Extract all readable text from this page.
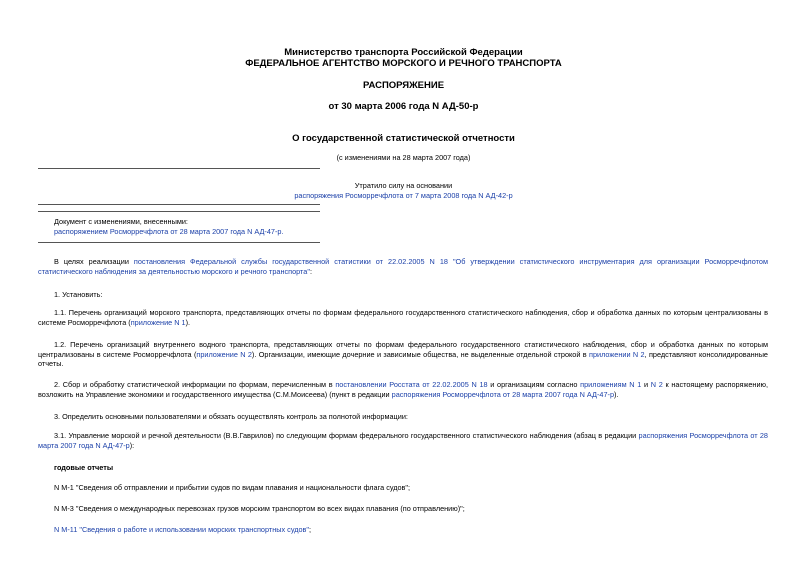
Министерство транспорта Российской Федерации
ФЕДЕРАЛЬНОЕ АГЕНТСТВО МОРСКОГО И РЕЧНОГО ТРАНСПОРТА
РАСПОРЯЖЕНИЕ
от 30 марта 2006 года N АД-50-р
О государственной статистической отчетности
(с изменениями на 28 марта 2007 года)
Утратило силу на основании
распоряжения Росморречфлота от 7 марта 2008 года N АД-42-р
Документ с изменениями, внесенными:
распоряжением Росморречфлота от 28 марта 2007 года N АД-47-р.
В целях реализации постановления Федеральной службы государственной статистики от 22.02.2005 N 18 "Об утверждении статистического инструментария для организации Росморречфлотом статистического наблюдения за деятельностью морского и речного транспорта":
1. Установить:
1.1. Перечень организаций морского транспорта, представляющих отчеты по формам федерального государственного статистического наблюдения, сбор и обработка данных по которым централизованы в системе Росморречфлота (приложение N 1).
1.2. Перечень организаций внутреннего водного транспорта, представляющих отчеты по формам федерального государственного статистического наблюдения, сбор и обработка данных по которым централизованы в системе Росморречфлота (приложение N 2). Организации, имеющие дочерние и зависимые общества, не выделенные отдельной строкой в приложении N 2, представляют консолидированные отчеты.
2. Сбор и обработку статистической информации по формам, перечисленным в постановлении Росстата от 22.02.2005 N 18 и организациям согласно приложениям N 1 и N 2 к настоящему распоряжению, возложить на Управление экономики и государственного имущества (С.М.Моисеева) (пункт в редакции распоряжения Росморречфлота от 28 марта 2007 года N АД-47-р).
3. Определить основными пользователями и обязать осуществлять контроль за полнотой информации:
3.1. Управление морской и речной деятельности (В.В.Гаврилов) по следующим формам федерального государственного статистического наблюдения (абзац в редакции распоряжения Росморречфлота от 28 марта 2007 года N АД-47-р):
годовые отчеты
N М-1 "Сведения об отправлении и прибытии судов по видам плавания и национальности флага судов";
N М-3 "Сведения о международных перевозках грузов морским транспортом во всех видах плавания (по отправлению)";
N М-11 "Сведения о работе и использовании морских транспортных судов";
